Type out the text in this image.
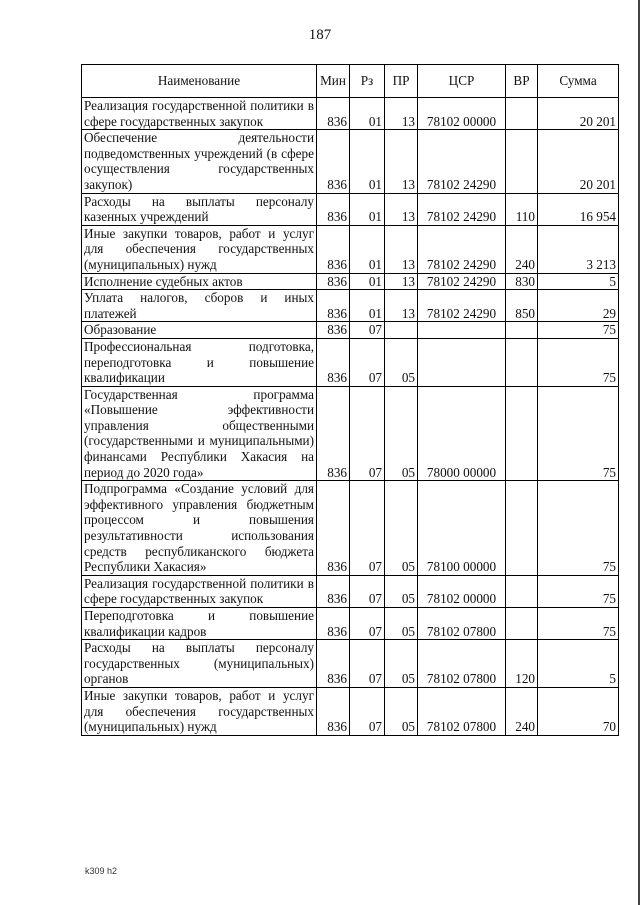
187
Наименование	Мин	Рз	ПР	ЦСР	ВР	Сумма
Реализация государственной политики в сфере государственных закупок	836	01	13	78102 00000		20 201
Обеспечение деятельности подведомственных учреждений (в сфере осуществления государственных закупок)	836	01	13	78102 24290		20 201
Расходы на выплаты персоналу казенных учреждений	836	01	13	78102 24290	110	16 954
Иные закупки товаров, работ и услуг для обеспечения государственных (муниципальных) нужд	836	01	13	78102 24290	240	3 213
Исполнение судебных актов	836	01	13	78102 24290	830	5
Уплата налогов, сборов и иных платежей	836	01	13	78102 24290	850	29
Образование	836	07				75
Профессиональная подготовка, переподготовка и повышение квалификации	836	07	05			75
Государственная программа «Повышение эффективности управления общественными (государственными и муниципальными) финансами Республики Хакасия на период до 2020 года»	836	07	05	78000 00000		75
Подпрограмма «Создание условий для эффективного управления бюджетным процессом и повышения результативности использования средств республиканского бюджета Республики Хакасия»	836	07	05	78100 00000		75
Реализация государственной политики в сфере государственных закупок	836	07	05	78102 00000		75
Переподготовка и повышение квалификации кадров	836	07	05	78102 07800		75
Расходы на выплаты персоналу государственных (муниципальных) органов	836	07	05	78102 07800	120	5
Иные закупки товаров, работ и услуг для обеспечения государственных (муниципальных) нужд	836	07	05	78102 07800	240	70
k309 h2
